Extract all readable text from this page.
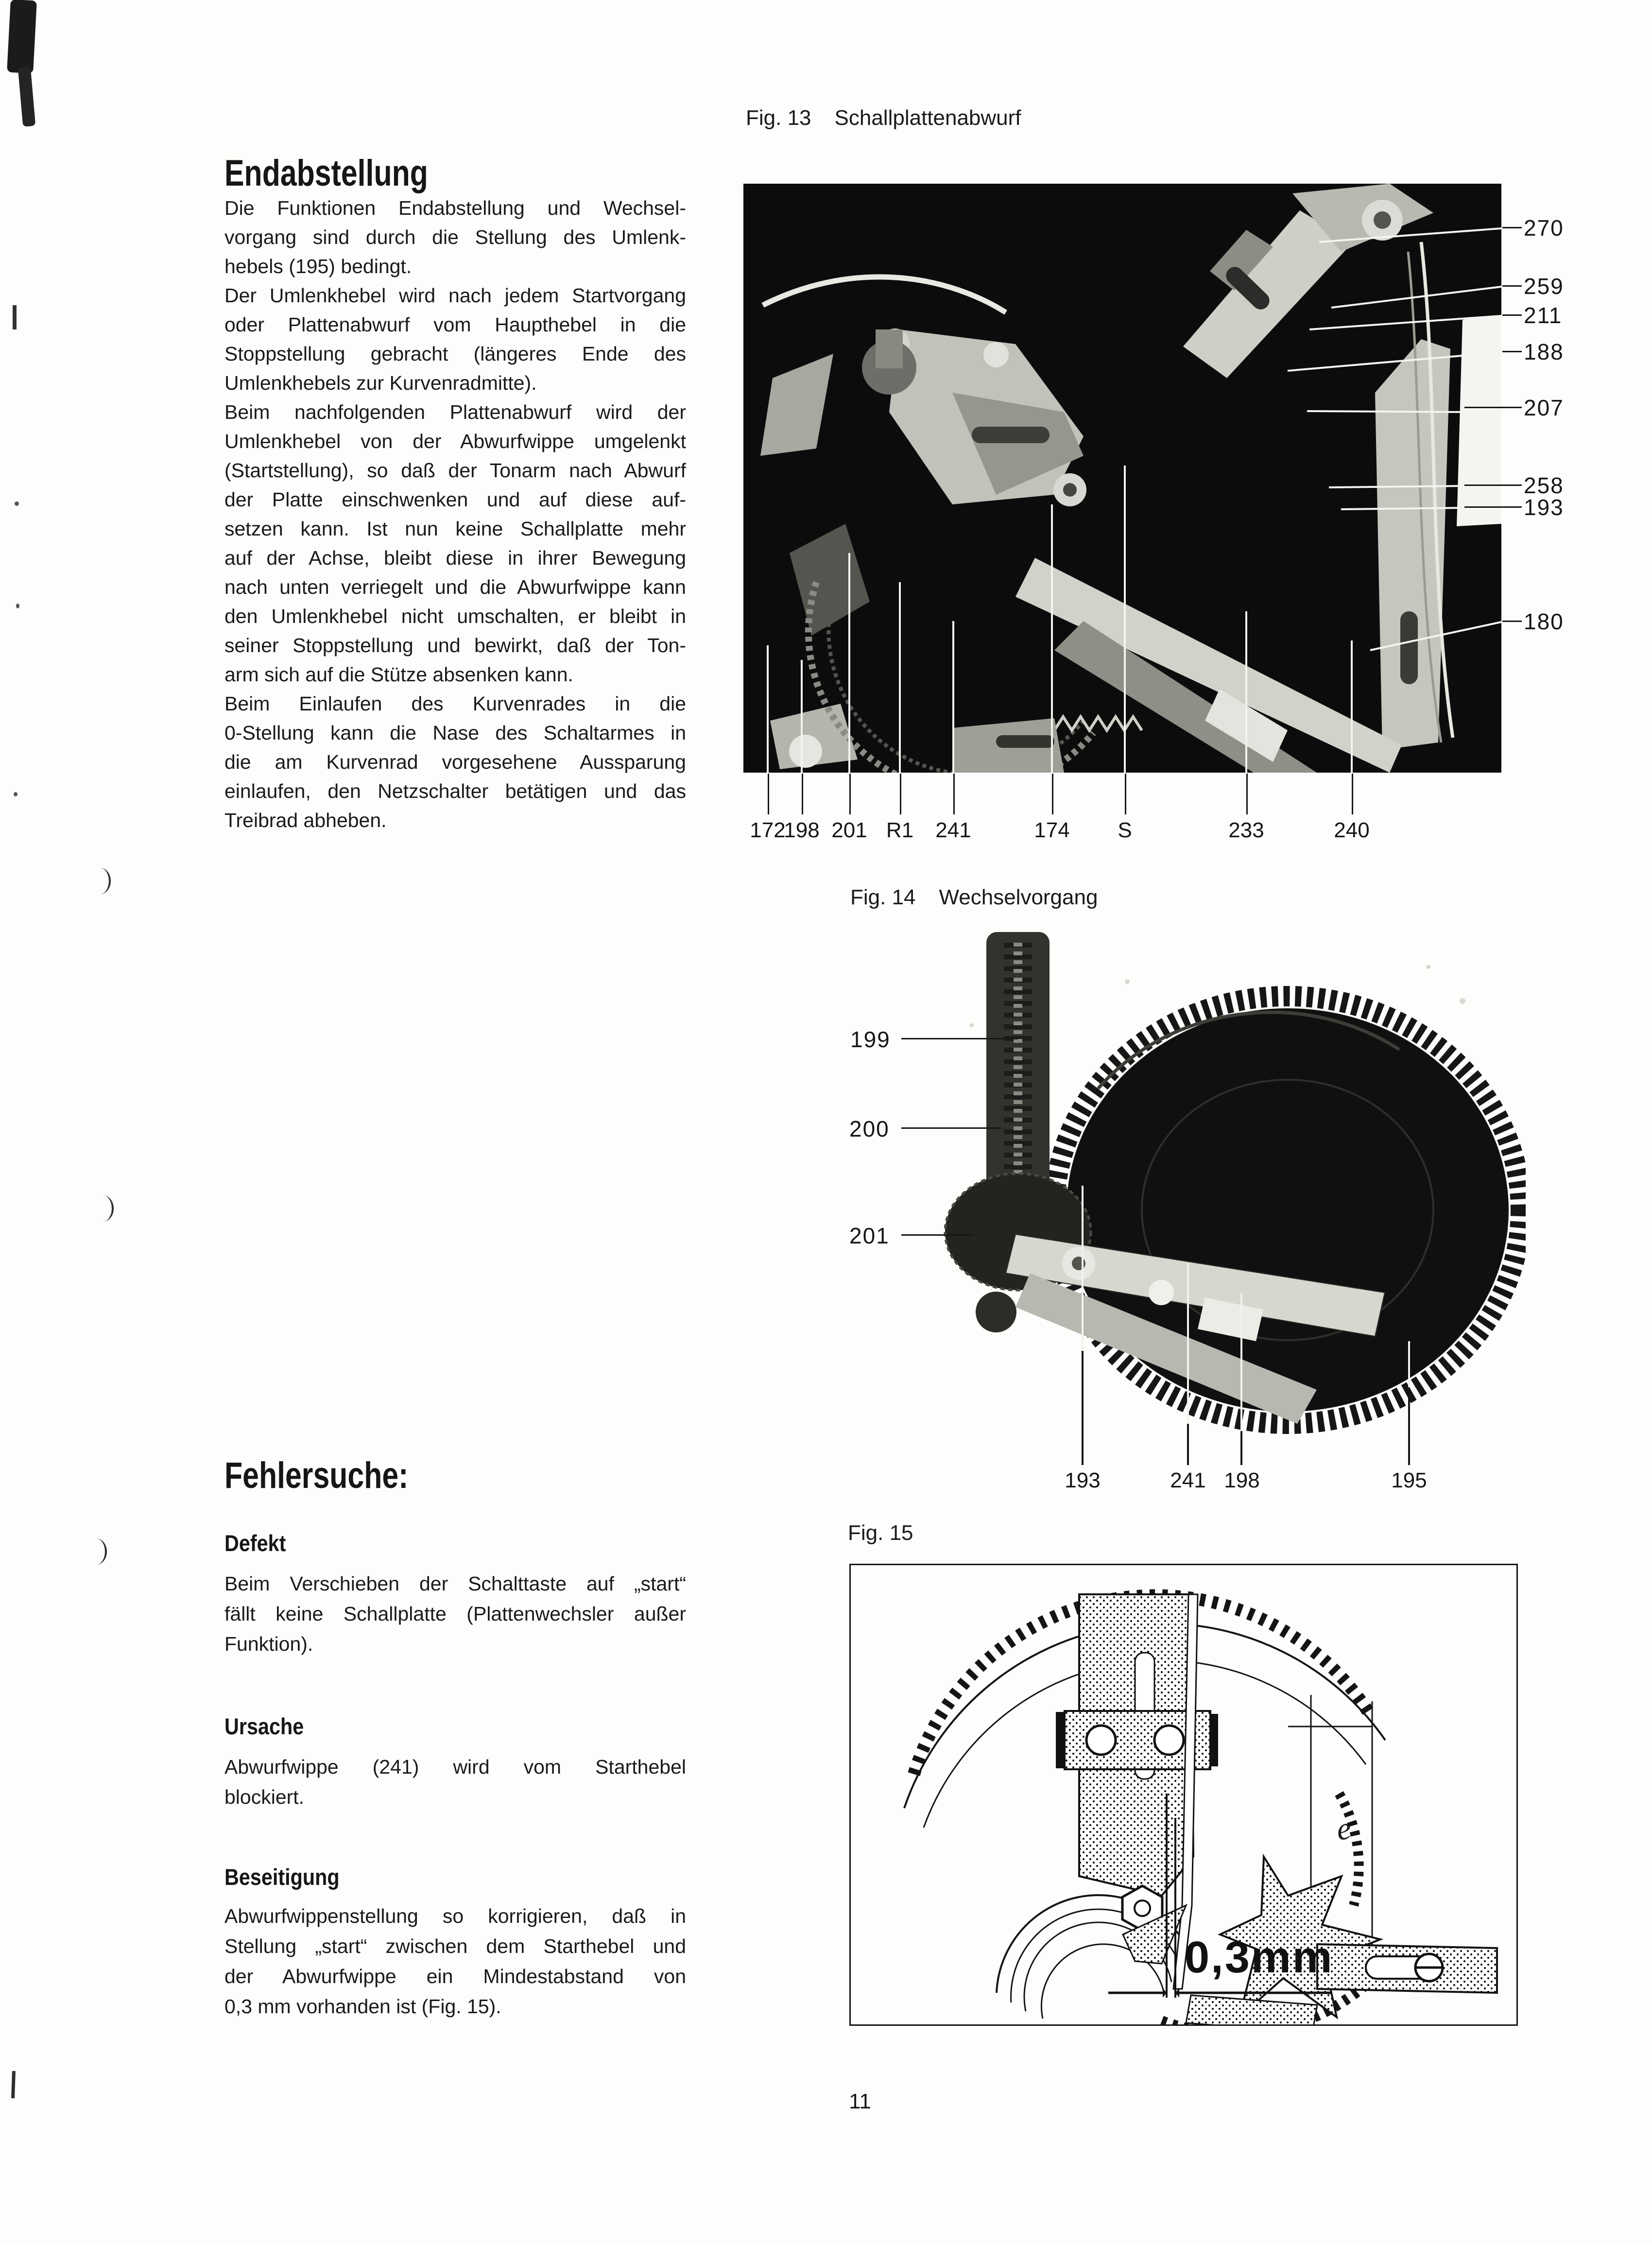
Endabstellung
Die Funktionen Endabstellung und Wechsel-
vorgang sind durch die Stellung des Umlenk-
hebels (195) bedingt.
Der Umlenkhebel wird nach jedem Startvorgang
oder Plattenabwurf vom Haupthebel in die
Stoppstellung gebracht (längeres Ende des
Umlenkhebels zur Kurvenradmitte).
Beim nachfolgenden Plattenabwurf wird der
Umlenkhebel von der Abwurfwippe umgelenkt
(Startstellung), so daß der Tonarm nach Abwurf
der Platte einschwenken und auf diese auf-
setzen kann. Ist nun keine Schallplatte mehr
auf der Achse, bleibt diese in ihrer Bewegung
nach unten verriegelt und die Abwurfwippe kann
den Umlenkhebel nicht umschalten, er bleibt in
seiner Stoppstellung und bewirkt, daß der Ton-
arm sich auf die Stütze absenken kann.
Beim Einlaufen des Kurvenrades in die
0-Stellung kann die Nase des Schaltarmes in
die am Kurvenrad vorgesehene Aussparung
einlaufen, den Netzschalter betätigen und das
Treibrad abheben.
Fig. 13 Schallplattenabwurf
270
259
211
188
207
258
193
180
172
198 201 R1	241	174	S	233	240
Fig. 14 Wechselvorgang
199
200
201
193	241 198	195
Fehlersuche:
Defekt
Beim Verschieben der Schalttaste auf „start“
fällt keine Schallplatte (Plattenwechsler außer
Funktion).
Ursache
Abwurfwippe (241) wird vom Starthebel
blockiert.
Beseitigung
Abwurfwippenstellung so korrigieren, daß in
Stellung „start“ zwischen dem Starthebel und
der Abwurfwippe ein Mindestabstand von
0,3 mm vorhanden ist (Fig. 15).
Fig. 15
0,3mm
e
11
